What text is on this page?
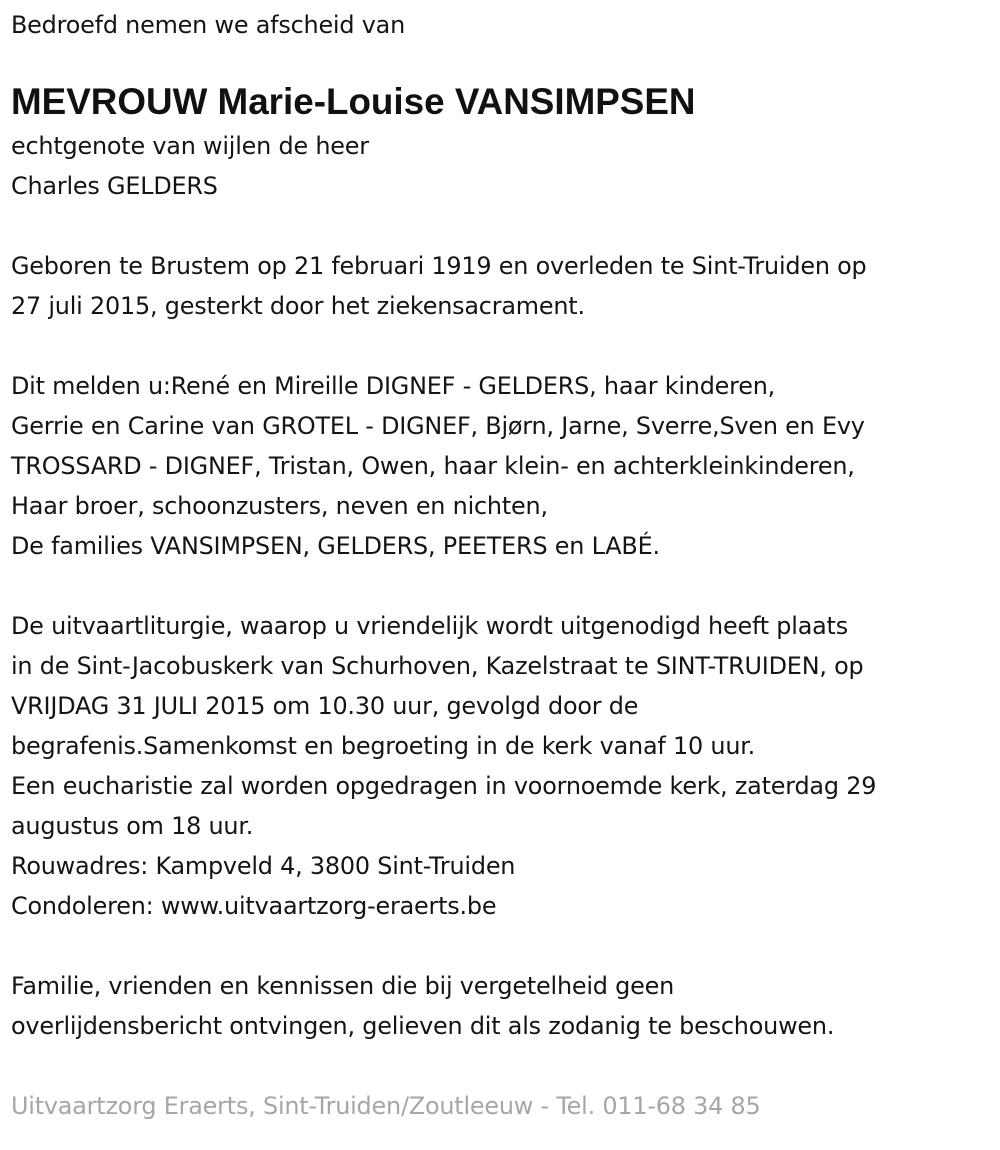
Bedroefd nemen we afscheid van
MEVROUW Marie-Louise VANSIMPSEN
echtgenote van wijlen de heer
Charles GELDERS
Geboren te Brustem op 21 februari 1919 en overleden te Sint-Truiden op
27 juli 2015, gesterkt door het ziekensacrament.
Dit melden u:René en Mireille DIGNEF - GELDERS, haar kinderen,
Gerrie en Carine van GROTEL - DIGNEF, Bjørn, Jarne, Sverre,Sven en Evy
TROSSARD - DIGNEF, Tristan, Owen, haar klein- en achterkleinkinderen,
Haar broer, schoonzusters, neven en nichten,
De families VANSIMPSEN, GELDERS, PEETERS en LABÉ.
De uitvaartliturgie, waarop u vriendelijk wordt uitgenodigd heeft plaats
in de Sint-Jacobuskerk van Schurhoven, Kazelstraat te SINT-TRUIDEN, op
VRIJDAG 31 JULI 2015 om 10.30 uur, gevolgd door de
begrafenis.Samenkomst en begroeting in de kerk vanaf 10 uur.
Een eucharistie zal worden opgedragen in voornoemde kerk, zaterdag 29
augustus om 18 uur.
Rouwadres: Kampveld 4, 3800 Sint-Truiden
Condoleren: www.uitvaartzorg-eraerts.be
Familie, vrienden en kennissen die bij vergetelheid geen
overlijdensbericht ontvingen, gelieven dit als zodanig te beschouwen.
Uitvaartzorg Eraerts, Sint-Truiden/Zoutleeuw - Tel. 011-68 34 85
